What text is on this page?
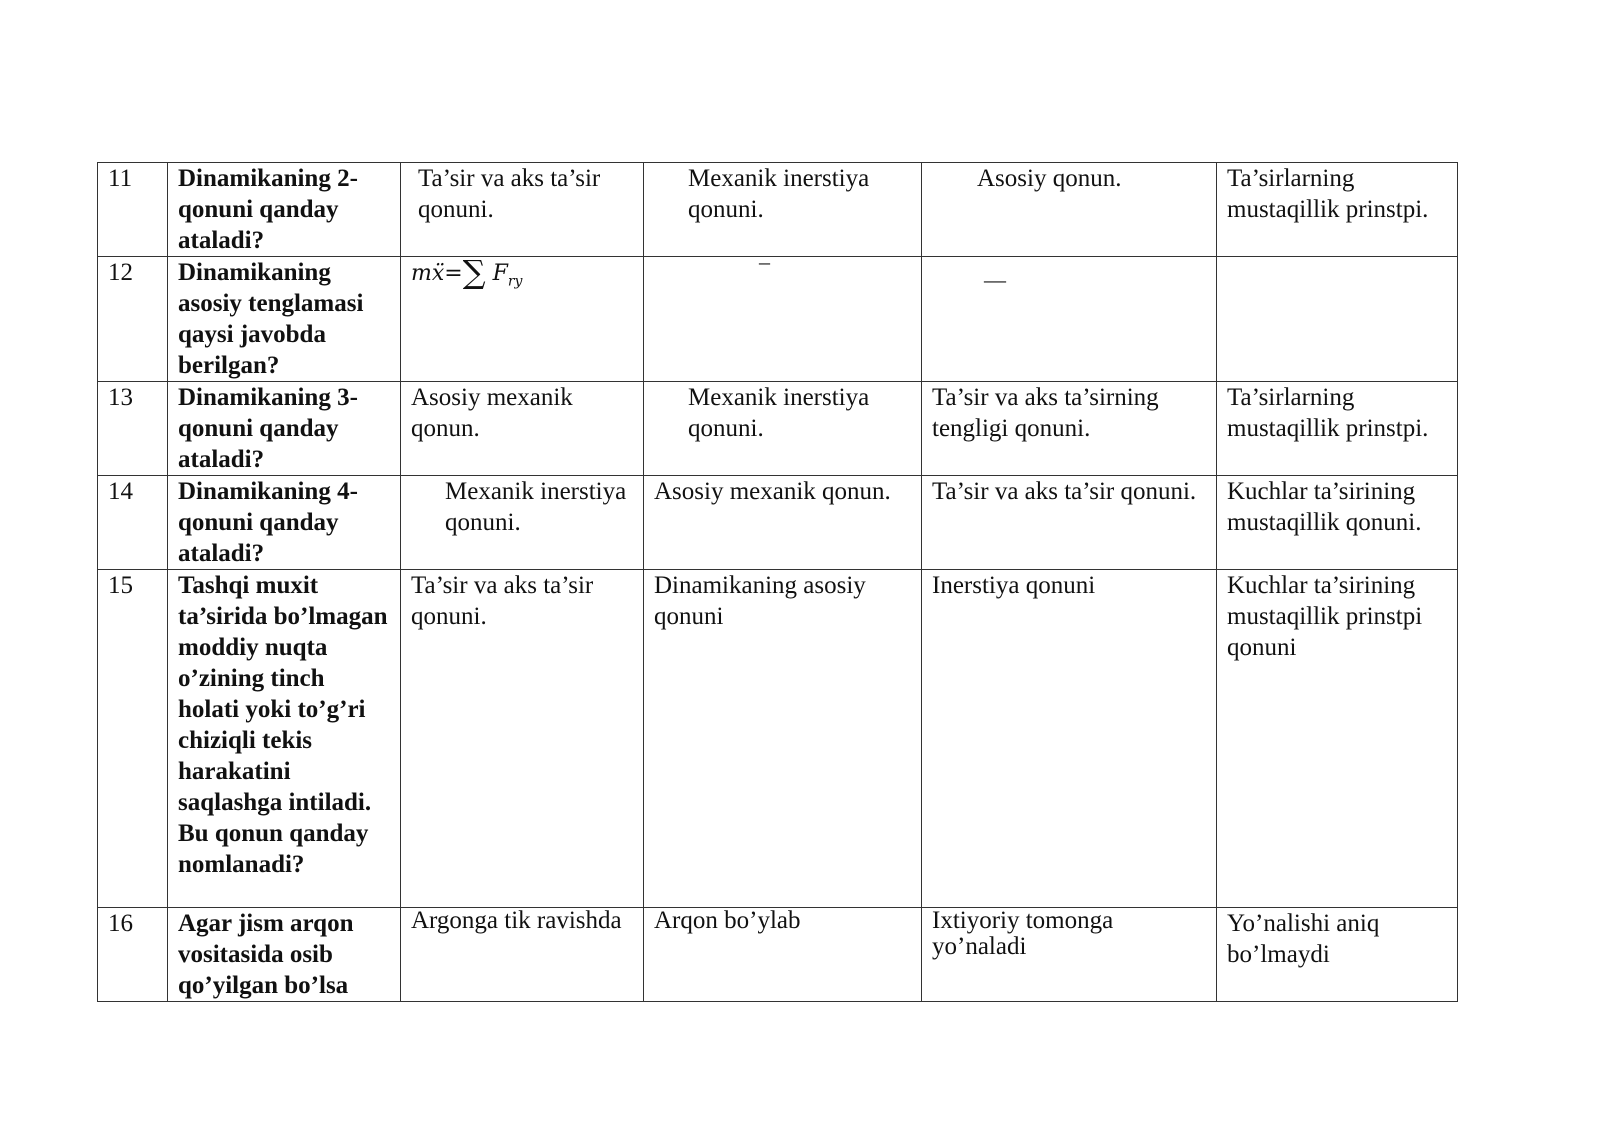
11	Dinamikaning 2-qonuni qanday ataladi?	Ta’sir va aks ta’sir qonuni.	Mexanik inerstiya qonuni.	Asosiy qonun.	Ta’sirlarning mustaqillik prinstpi.
12	Dinamikaning asosiy tenglamasi qaysi javobda berilgan?	mẍ=∑ $F_{ry}$	–	—	

13	Dinamikaning 3-qonuni qanday ataladi?	Asosiy mexanik qonun.	Mexanik inerstiya qonuni.	Ta’sir va aks ta’sirning tengligi qonuni.	Ta’sirlarning mustaqillik prinstpi.
14	Dinamikaning 4-qonuni qanday ataladi?	Mexanik inerstiya qonuni.	Asosiy mexanik qonun.	Ta’sir va aks ta’sir qonuni.	Kuchlar ta’sirining mustaqillik qonuni.
15	Tashqi muxit ta’sirida bo’lmagan moddiy nuqta o’zining tinch holati yoki to’g’ri chiziqli tekis harakatini saqlashga intiladi. Bu qonun qanday nomlanadi?	Ta’sir va aks ta’sir qonuni.	Dinamikaning asosiy qonuni	Inerstiya qonuni	Kuchlar ta’sirining mustaqillik prinstpi qonuni
16	Agar jism arqon vositasida osib qo’yilgan bo’lsa	Argonga tik ravishda	Arqon bo’ylab	Ixtiyoriy tomonga yo’naladi	Yo’nalishi aniq bo’lmaydi
